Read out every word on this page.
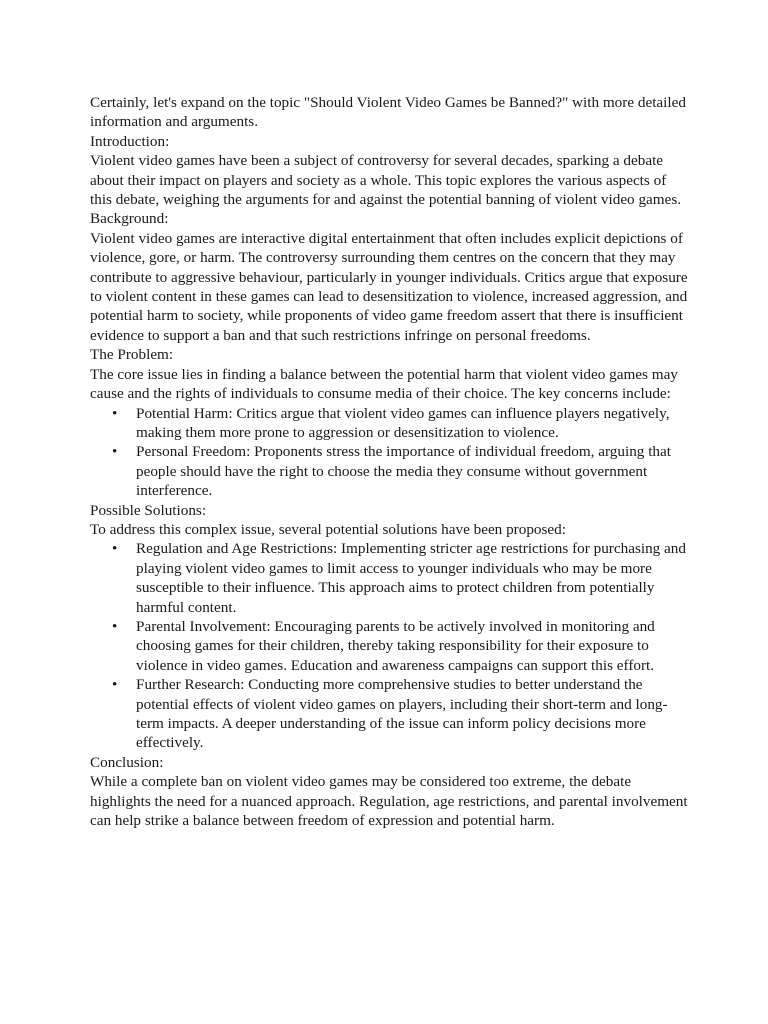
Certainly, let's expand on the topic "Should Violent Video Games be Banned?" with more detailed information and arguments.

Introduction:

Violent video games have been a subject of controversy for several decades, sparking a debate about their impact on players and society as a whole. This topic explores the various aspects of this debate, weighing the arguments for and against the potential banning of violent video games.

Background:

Violent video games are interactive digital entertainment that often includes explicit depictions of violence, gore, or harm. The controversy surrounding them centres on the concern that they may contribute to aggressive behaviour, particularly in younger individuals. Critics argue that exposure to violent content in these games can lead to desensitization to violence, increased aggression, and potential harm to society, while proponents of video game freedom assert that there is insufficient evidence to support a ban and that such restrictions infringe on personal freedoms.

The Problem:

The core issue lies in finding a balance between the potential harm that violent video games may cause and the rights of individuals to consume media of their choice. The key concerns include:

• Potential Harm: Critics argue that violent video games can influence players negatively, making them more prone to aggression or desensitization to violence.
• Personal Freedom: Proponents stress the importance of individual freedom, arguing that people should have the right to choose the media they consume without government interference.

Possible Solutions:

To address this complex issue, several potential solutions have been proposed:

• Regulation and Age Restrictions: Implementing stricter age restrictions for purchasing and playing violent video games to limit access to younger individuals who may be more susceptible to their influence. This approach aims to protect children from potentially harmful content.
• Parental Involvement: Encouraging parents to be actively involved in monitoring and choosing games for their children, thereby taking responsibility for their exposure to violence in video games. Education and awareness campaigns can support this effort.
• Further Research: Conducting more comprehensive studies to better understand the potential effects of violent video games on players, including their short-term and long-term impacts. A deeper understanding of the issue can inform policy decisions more effectively.

Conclusion:

While a complete ban on violent video games may be considered too extreme, the debate highlights the need for a nuanced approach. Regulation, age restrictions, and parental involvement can help strike a balance between freedom of expression and potential harm.
